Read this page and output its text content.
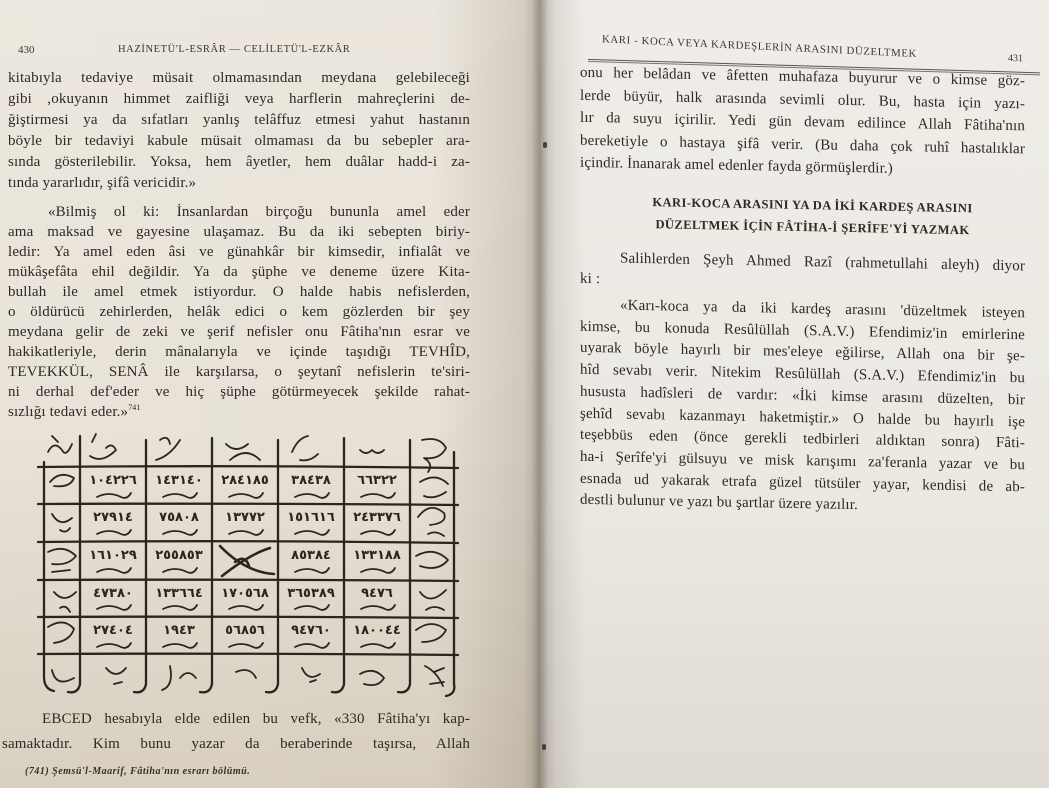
430	HAZİNETÜ'L-ESRÂR — CELİLETÜ'L-EZKÂR
kitabıyla tedaviye müsait olmamasından meydana gelebileceği
gibi ,okuyanın himmet zaifliği veya harflerin mahreçlerini de-
ğiştirmesi ya da sıfatları yanlış telâffuz etmesi yahut hastanın
böyle bir tedaviyi kabule müsait olmaması da bu sebepler ara-
sında gösterilebilir. Yoksa, hem âyetler, hem duâlar hadd-i za-
tında yararlıdır, şifâ vericidir.»
«Bilmiş ol ki: İnsanlardan birçoğu bununla amel eder
ama maksad ve gayesine ulaşamaz. Bu da iki sebepten biriy-
ledir: Ya amel eden âsi ve günahkâr bir kimsedir, infialât ve
mükâşefâta ehil değildir. Ya da şüphe ve deneme üzere Kita-
bullah ile amel etmek istiyordur. O halde habis nefislerden,
o öldürücü zehirlerden, helâk edici o kem gözlerden bir şey
meydana gelir de zeki ve şerif nefisler onu Fâtiha'nın esrar ve
hakikatleriyle, derin mânalarıyla ve içinde taşıdığı TEVHÎD,
TEVEKKÜL, SENÂ ile karşılarsa, o şeytanî nefislerin te'siri-
ni derhal def'eder ve hiç şüphe götürmeyecek şekilde rahat-
sızlığı tedavi eder.»$^{741}$
١٠٤٢٢٦ ١٤٣١٤٠ ٢٨٤١٨٥ ٣٨٤٣٨ ٦٦٣٢٢
٢٧٩١٤ ٧٥٨٠٨ ١٣٧٧٢ ١٥١٦١٦ ٢٤٣٣٧٦
١٦١٠٢٩ ٢٥٥٨٥٣	٨٥٣٨٤ ١٣٣١٨٨
٤٧٣٨٠ ١٣٣٦٦٤ ١٧٠٥٦٨ ٣٦٥٣٨٩ ٩٤٧٦
٢٧٤٠٤ ١٩٤٣ ٥٦٨٥٦ ٩٤٧٦٠ ١٨٠٠٤٤
EBCED hesabıyla elde edilen bu vefk, «330 Fâtiha'yı kap-
samaktadır. Kim bunu yazar da beraberinde taşırsa, Allah
(741) Şemsü'l-Maarif, Fâtiha'nın esrarı bölümü.
KARI - KOCA VEYA KARDEŞLERİN ARASINI DÜZELTMEK	431
onu her belâdan ve âfetten muhafaza buyurur ve o kimse göz-
lerde büyür, halk arasında sevimli olur. Bu, hasta için yazı-
lır da suyu içirilir. Yedi gün devam edilince Allah Fâtiha'nın
bereketiyle o hastaya şifâ verir. (Bu daha çok ruhî hastalıklar
içindir. İnanarak amel edenler fayda görmüşlerdir.)
KARI-KOCA ARASINI YA DA İKİ KARDEŞ ARASINI
DÜZELTMEK İÇİN FÂTİHA-İ ŞERÎFE'Yİ YAZMAK
Salihlerden Şeyh Ahmed Razî (rahmetullahi aleyh) diyor
ki :
«Karı-koca ya da iki kardeş arasını 'düzeltmek isteyen
kimse, bu konuda Resûlüllah (S.A.V.) Efendimiz'in emirlerine
uyarak böyle hayırlı bir mes'eleye eğilirse, Allah ona bir şe-
hîd sevabı verir. Nitekim Resûlüllah (S.A.V.) Efendimiz'in bu
hususta hadîsleri de vardır: «İki kimse arasını düzelten, bir
şehîd sevabı kazanmayı haketmiştir.» O halde bu hayırlı işe
teşebbüs eden (önce gerekli tedbirleri aldıktan sonra) Fâti-
ha-i Şerîfe'yi gülsuyu ve misk karışımı za'feranla yazar ve bu
esnada ud yakarak etrafa güzel tütsüler yayar, kendisi de ab-
destli bulunur ve yazı bu şartlar üzere yazılır.
